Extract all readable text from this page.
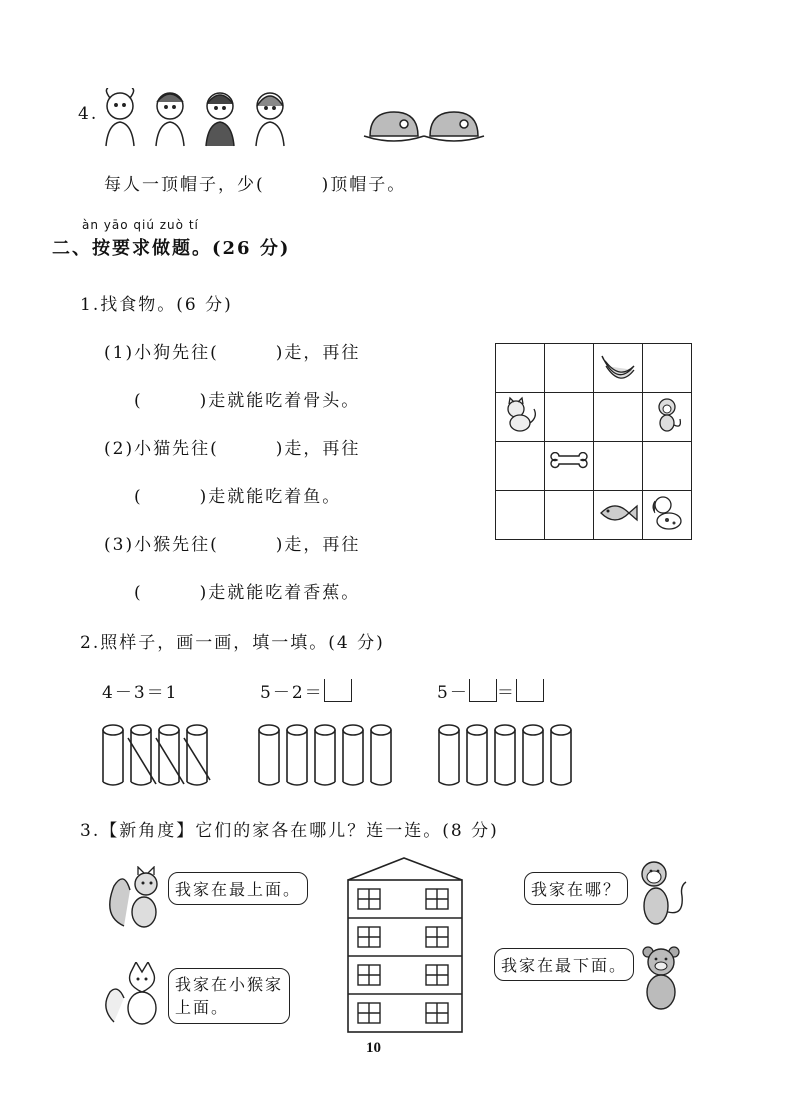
4.
每人一顶帽子，少(　　　)顶帽子。
àn yāo qiú zuò tí
二、按要求做题。(26 分)
1.找食物。(6 分)
(1)小狗先往(　　　)走，再往
(　　　)走就能吃着骨头。
(2)小猫先往(　　　)走，再往
(　　　)走就能吃着鱼。
(3)小猴先往(　　　)走，再往
(　　　)走就能吃着香蕉。

2.照样子，画一画，填一填。(4 分)
4－3＝1	5－2＝	5－ ＝
3.【新角度】它们的家各在哪儿？连一连。(8 分)
我家在最上面。
我家在小猴家
上面。
我家在哪？
我家在最下面。
10
